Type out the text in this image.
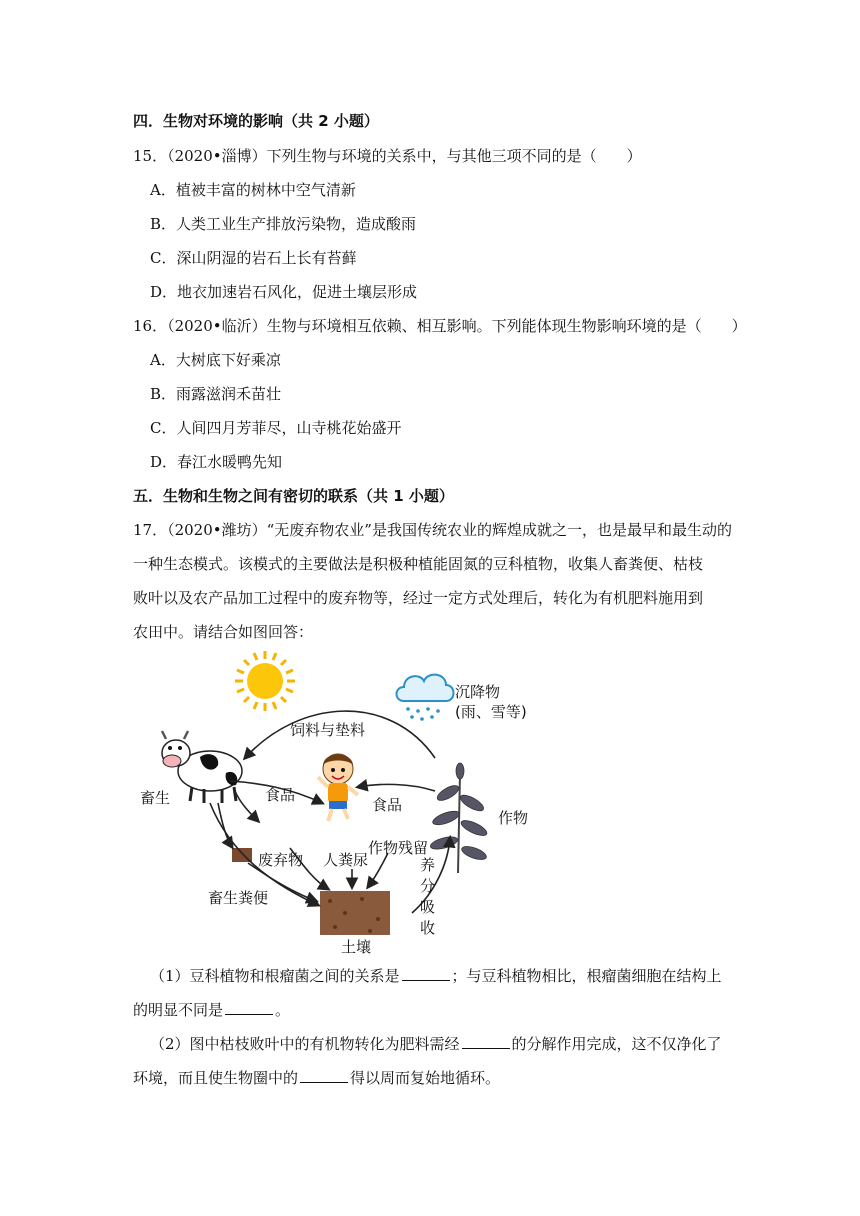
四．生物对环境的影响（共 2 小题）
15．（2020•淄博）下列生物与环境的关系中，与其他三项不同的是（　　）
A．植被丰富的树林中空气清新
B．人类工业生产排放污染物，造成酸雨
C．深山阴湿的岩石上长有苔藓
D．地衣加速岩石风化，促进土壤层形成
16．（2020•临沂）生物与环境相互依赖、相互影响。下列能体现生物影响环境的是（　　）
A．大树底下好乘凉
B．雨露滋润禾苗壮
C．人间四月芳菲尽，山寺桃花始盛开
D．春江水暖鸭先知
五．生物和生物之间有密切的联系（共 1 小题）
17．（2020•潍坊）“无废弃物农业”是我国传统农业的辉煌成就之一，也是最早和最生动的
一种生态模式。该模式的主要做法是积极种植能固氮的豆科植物，收集人畜粪便、枯枝
败叶以及农产品加工过程中的废弃物等，经过一定方式处理后，转化为有机肥料施用到
农田中。请结合如图回答：
沉降物
(雨、雪等)
饲料与垫料
畜生	食品
食品
作物
作物残留
废弃物 人粪尿
畜生粪便
养分吸收
土壤
（1）豆科植物和根瘤菌之间的关系是	；与豆科植物相比，根瘤菌细胞在结构上
的明显不同是	。
（2）图中枯枝败叶中的有机物转化为肥料需经	的分解作用完成，这不仅净化了
环境，而且使生物圈中的	得以周而复始地循环。
